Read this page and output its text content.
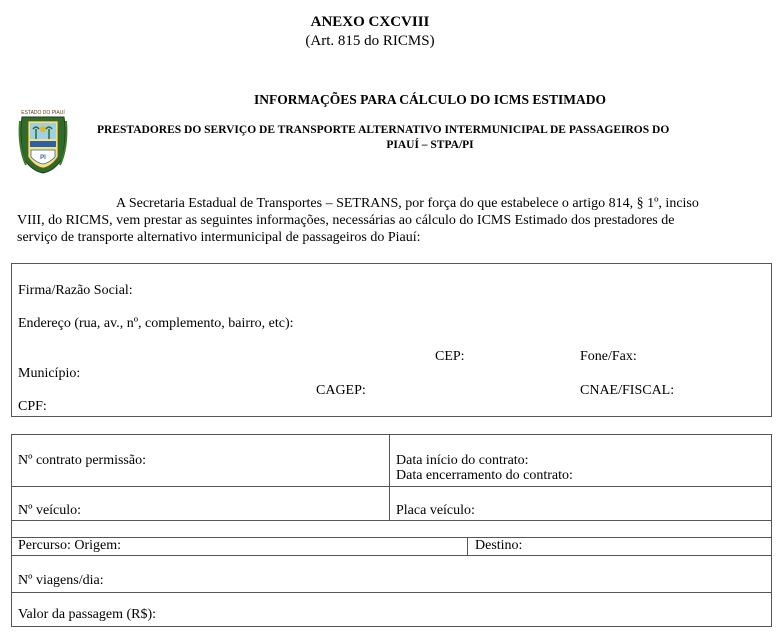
ANEXO CXCVIII
(Art. 815 do RICMS)
ESTADO DO PIAUÍ
PI
INFORMAÇÕES PARA CÁLCULO DO ICMS ESTIMADO
PRESTADORES DO SERVIÇO DE TRANSPORTE ALTERNATIVO INTERMUNICIPAL DE PASSAGEIROS DO
PIAUÍ – STPA/PI
A Secretaria Estadual de Transportes – SETRANS, por força do que estabelece o artigo 814, § 1º, inciso
VIII, do RICMS, vem prestar as seguintes informações, necessárias ao cálculo do ICMS Estimado dos prestadores de
serviço de transporte alternativo intermunicipal de passageiros do Piauí:
Firma/Razão Social:
Endereço (rua, av., nº, complemento, bairro, etc):
CEP:	Fone/Fax:
Município:
CAGEP:	CNAE/FISCAL:
CPF:
Nº contrato permissão:	Data início do contrato:
Data encerramento do contrato:
Nº veículo:	Placa veículo:
Percurso: Origem:	Destino:
Nº viagens/dia:
Valor da passagem (R$):
